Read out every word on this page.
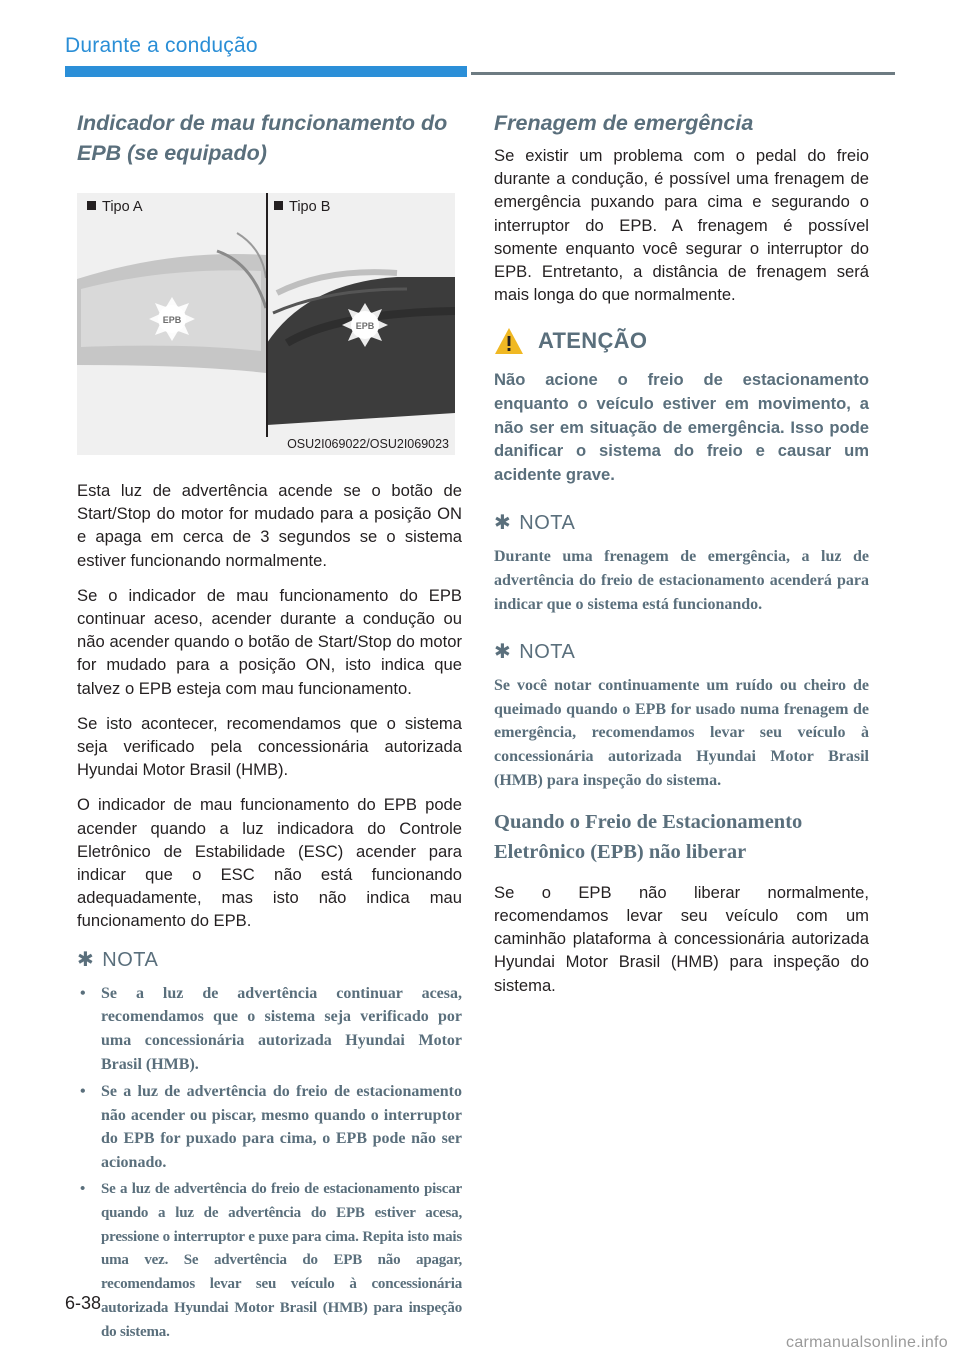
Durante a condução
Indicador de mau funcionamento do EPB (se equipado)
EPB
EPB
Tipo A	Tipo B
OSU2I069022/OSU2I069023

Esta luz de advertência acende se o botão de Start/Stop do motor for mudado para a posição ON e apaga em cerca de 3 segundos se o sistema estiver funcionando normalmente.

Se o indicador de mau funcionamento do EPB continuar aceso, acender durante a condução ou não acender quando o botão de Start/Stop do motor for mudado para a posição ON, isto indica que talvez o EPB esteja com mau funcionamento.

Se isto acontecer, recomendamos que o sistema seja verificado pela concessionária autorizada Hyundai Motor Brasil (HMB).

O indicador de mau funcionamento do EPB pode acender quando a luz indicadora do Controle Eletrônico de Estabilidade (ESC) acender para indicar que o ESC não está funcionando adequadamente, mas isto não indica mau funcionamento do EPB.

✱ NOTA
• Se a luz de advertência continuar acesa, recomendamos que o sistema seja verificado por uma concessionária autorizada Hyundai Motor Brasil (HMB).
• Se a luz de advertência do freio de estacionamento não acender ou piscar, mesmo quando o interruptor do EPB for puxado para cima, o EPB pode não ser acionado.
• Se a luz de advertência do freio de estacionamento piscar quando a luz de advertência do EPB estiver acesa, pressione o interruptor e puxe para cima. Repita isto mais uma vez. Se advertência do EPB não apagar, recomendamos levar seu veículo à concessionária autorizada Hyundai Motor Brasil (HMB) para inspeção do sistema.
Frenagem de emergência

Se existir um problema com o pedal do freio durante a condução, é possível uma frenagem de emergência puxando para cima e segurando o interruptor do EPB. A frenagem é possível somente enquanto você segurar o interruptor do EPB. Entretanto, a distância de frenagem será mais longa do que normalmente.

ATENÇÃO

Não acione o freio de estacionamento enquanto o veículo estiver em movimento, a não ser em situação de emergência. Isso pode danificar o sistema do freio e causar um acidente grave.

✱ NOTA

Durante uma frenagem de emergência, a luz de advertência do freio de estacionamento acenderá para indicar que o sistema está funcionando.

✱ NOTA

Se você notar continuamente um ruído ou cheiro de queimado quando o EPB for usado numa frenagem de emergência, recomendamos levar seu veículo à concessionária autorizada Hyundai Motor Brasil (HMB) para inspeção do sistema.

Quando o Freio de Estacionamento Eletrônico (EPB) não liberar

Se o EPB não liberar normalmente, recomendamos levar seu veículo com um caminhão plataforma à concessionária autorizada Hyundai Motor Brasil (HMB) para inspeção do sistema.

6-38
carmanualsonline.info
